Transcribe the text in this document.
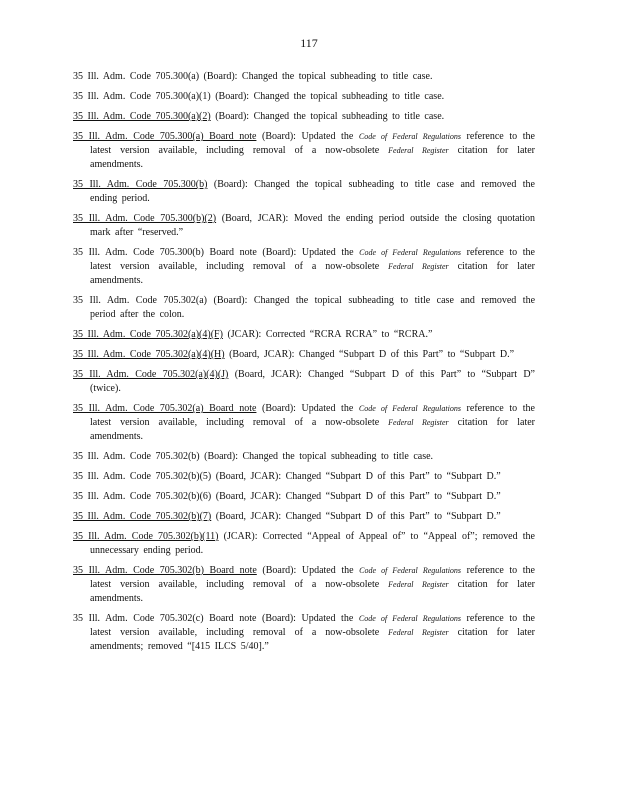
117

35 Ill. Adm. Code 705.300(a) (Board): Changed the topical subheading to title case.

35 Ill. Adm. Code 705.300(a)(1) (Board): Changed the topical subheading to title case.

35 Ill. Adm. Code 705.300(a)(2) (Board): Changed the topical subheading to title case.

35 Ill. Adm. Code 705.300(a) Board note (Board): Updated the Code of Federal Regulations reference to the latest version available, including removal of a now-obsolete Federal Register citation for later amendments.

35 Ill. Adm. Code 705.300(b) (Board): Changed the topical subheading to title case and removed the ending period.

35 Ill. Adm. Code 705.300(b)(2) (Board, JCAR): Moved the ending period outside the closing quotation mark after “reserved.”

35 Ill. Adm. Code 705.300(b) Board note (Board): Updated the Code of Federal Regulations reference to the latest version available, including removal of a now-obsolete Federal Register citation for later amendments.

35 Ill. Adm. Code 705.302(a) (Board): Changed the topical subheading to title case and removed the period after the colon.

35 Ill. Adm. Code 705.302(a)(4)(F) (JCAR): Corrected “RCRA RCRA” to “RCRA.”

35 Ill. Adm. Code 705.302(a)(4)(H) (Board, JCAR): Changed “Subpart D of this Part” to “Subpart D.”

35 Ill. Adm. Code 705.302(a)(4)(J) (Board, JCAR): Changed “Subpart D of this Part” to “Subpart D” (twice).

35 Ill. Adm. Code 705.302(a) Board note (Board): Updated the Code of Federal Regulations reference to the latest version available, including removal of a now-obsolete Federal Register citation for later amendments.

35 Ill. Adm. Code 705.302(b) (Board): Changed the topical subheading to title case.

35 Ill. Adm. Code 705.302(b)(5) (Board, JCAR): Changed “Subpart D of this Part” to “Subpart D.”

35 Ill. Adm. Code 705.302(b)(6) (Board, JCAR): Changed “Subpart D of this Part” to “Subpart D.”

35 Ill. Adm. Code 705.302(b)(7) (Board, JCAR): Changed “Subpart D of this Part” to “Subpart D.”

35 Ill. Adm. Code 705.302(b)(11) (JCAR): Corrected “Appeal of Appeal of” to “Appeal of”; removed the unnecessary ending period.

35 Ill. Adm. Code 705.302(b) Board note (Board): Updated the Code of Federal Regulations reference to the latest version available, including removal of a now-obsolete Federal Register citation for later amendments.

35 Ill. Adm. Code 705.302(c) Board note (Board): Updated the Code of Federal Regulations reference to the latest version available, including removal of a now-obsolete Federal Register citation for later amendments; removed “[415 ILCS 5/40].”
